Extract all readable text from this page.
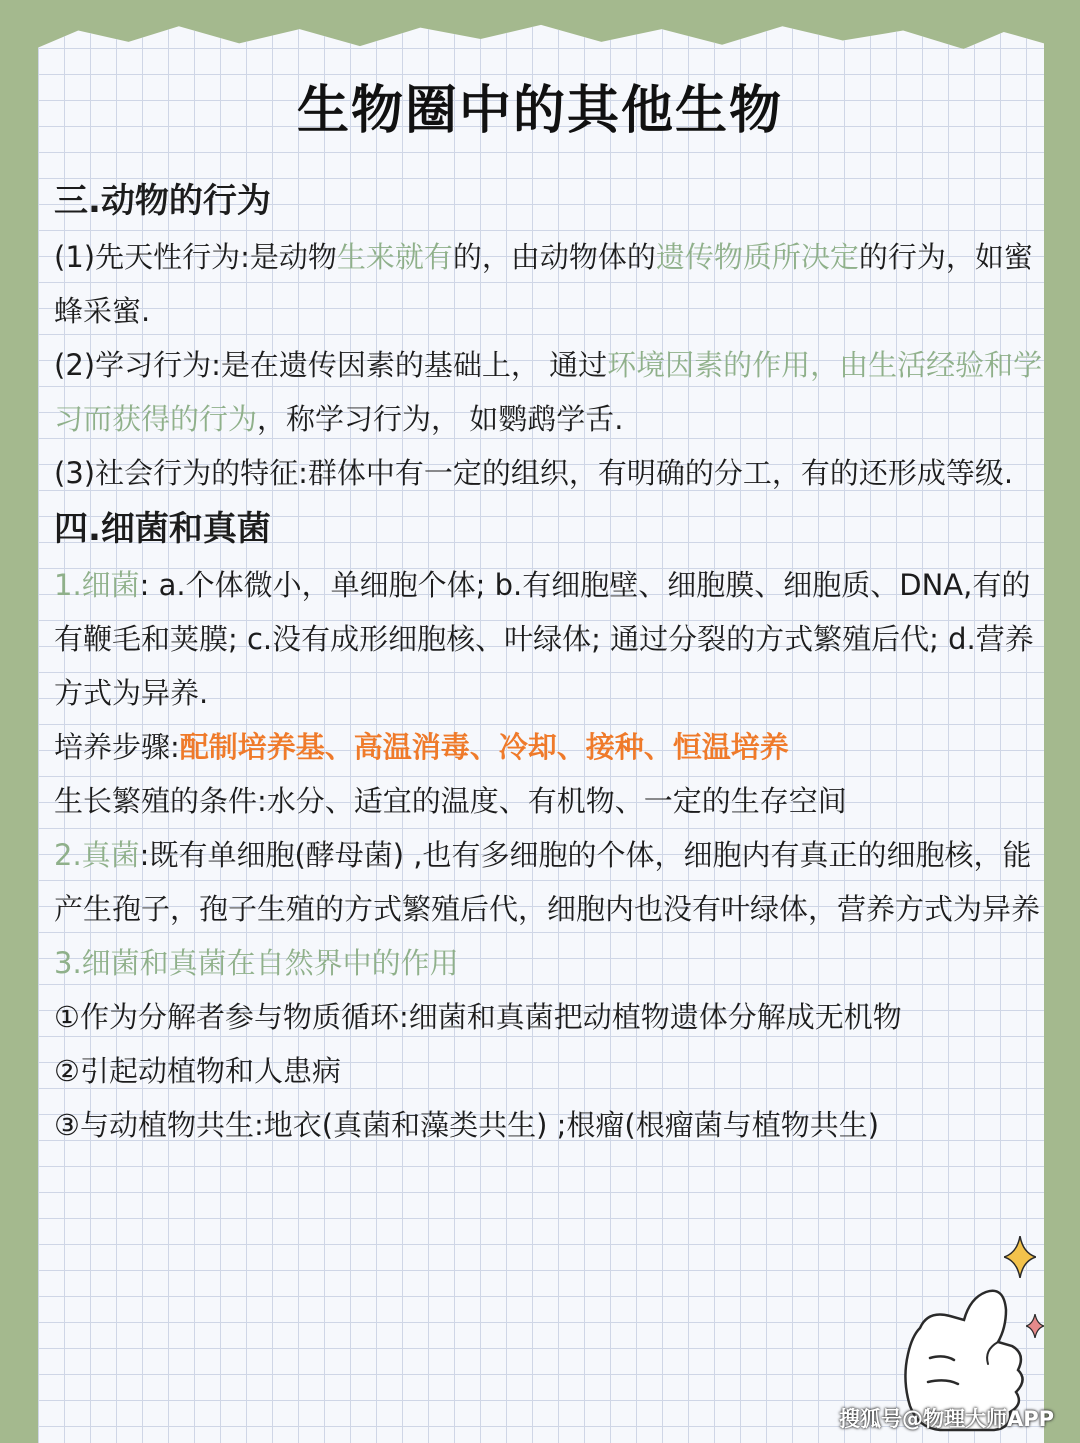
生物圈中的其他生物

三.动物的行为

(1)先天性行为:是动物生来就有的，由动物体的遗传物质所决定的行为，如蜜蜂采蜜.

(2)学习行为:是在遗传因素的基础上， 通过环境因素的作用，由生活经验和学习而获得的行为，称学习行为， 如鹦鹉学舌.

(3)社会行为的特征:群体中有一定的组织，有明确的分工，有的还形成等级.

四.细菌和真菌

1.细菌: a.个体微小，单细胞个体; b.有细胞壁、细胞膜、细胞质、DNA,有的有鞭毛和荚膜; c.没有成形细胞核、叶绿体; 通过分裂的方式繁殖后代; d.营养方式为异养.

培养步骤:配制培养基、高温消毒、冷却、接种、恒温培养

生长繁殖的条件:水分、适宜的温度、有机物、一定的生存空间

2.真菌:既有单细胞(酵母菌) ,也有多细胞的个体，细胞内有真正的细胞核，能产生孢子，孢子生殖的方式繁殖后代，细胞内也没有叶绿体，营养方式为异养

3.细菌和真菌在自然界中的作用

①作为分解者参与物质循环:细菌和真菌把动植物遗体分解成无机物

②引起动植物和人患病

③与动植物共生:地衣(真菌和藻类共生) ;根瘤(根瘤菌与植物共生)

搜狐号@物理大师APP
